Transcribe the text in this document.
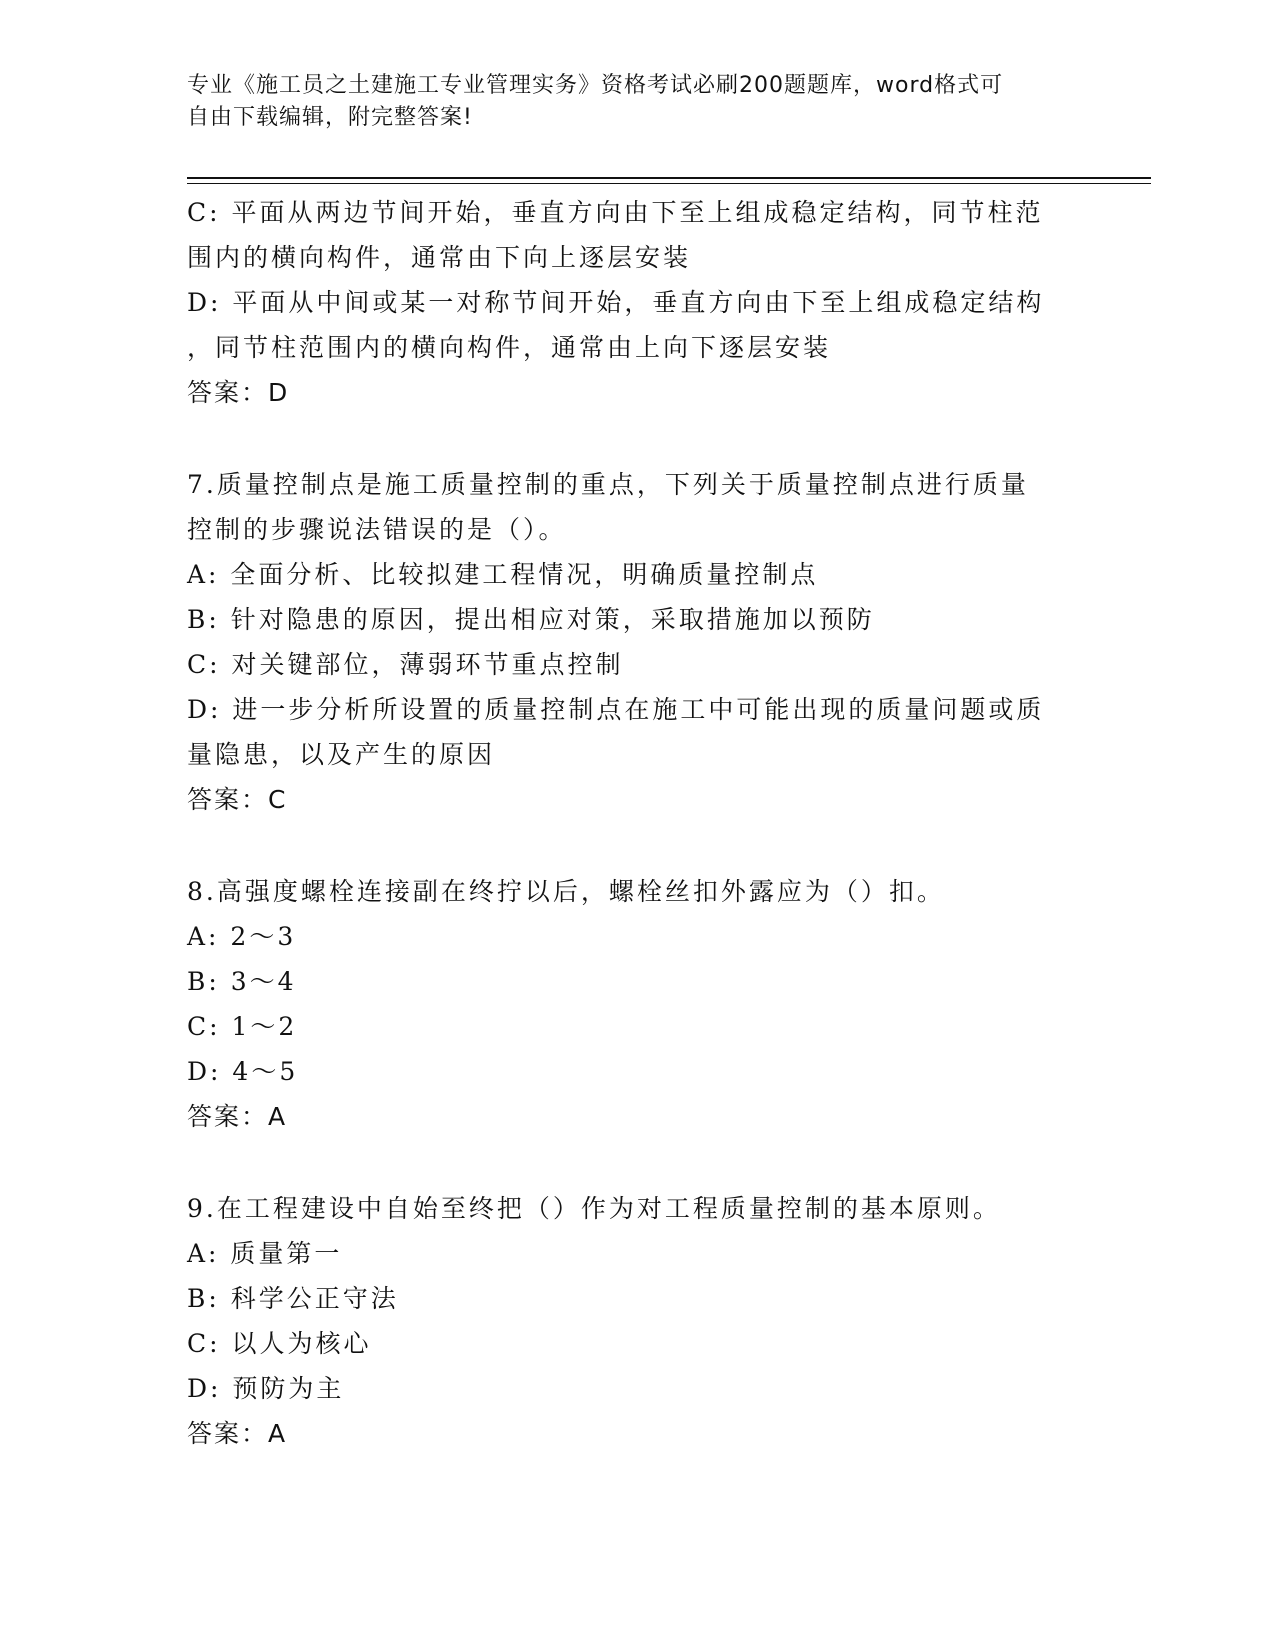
专业《施工员之土建施工专业管理实务》资格考试必刷200题题库，word格式可
自由下载编辑，附完整答案!
C: 平面从两边节间开始，垂直方向由下至上组成稳定结构，同节柱范
围内的横向构件，通常由下向上逐层安装
D: 平面从中间或某一对称节间开始，垂直方向由下至上组成稳定结构
，同节柱范围内的横向构件，通常由上向下逐层安装
答案：D
7.质量控制点是施工质量控制的重点，下列关于质量控制点进行质量
控制的步骤说法错误的是（）。
A: 全面分析、比较拟建工程情况，明确质量控制点
B: 针对隐患的原因，提出相应对策，采取措施加以预防
C: 对关键部位，薄弱环节重点控制
D: 进一步分析所设置的质量控制点在施工中可能出现的质量问题或质
量隐患，以及产生的原因
答案：C
8.高强度螺栓连接副在终拧以后，螺栓丝扣外露应为（）扣。
A: 2～3
B: 3～4
C: 1～2
D: 4～5
答案：A
9.在工程建设中自始至终把（）作为对工程质量控制的基本原则。
A: 质量第一
B: 科学公正守法
C: 以人为核心
D: 预防为主
答案：A
